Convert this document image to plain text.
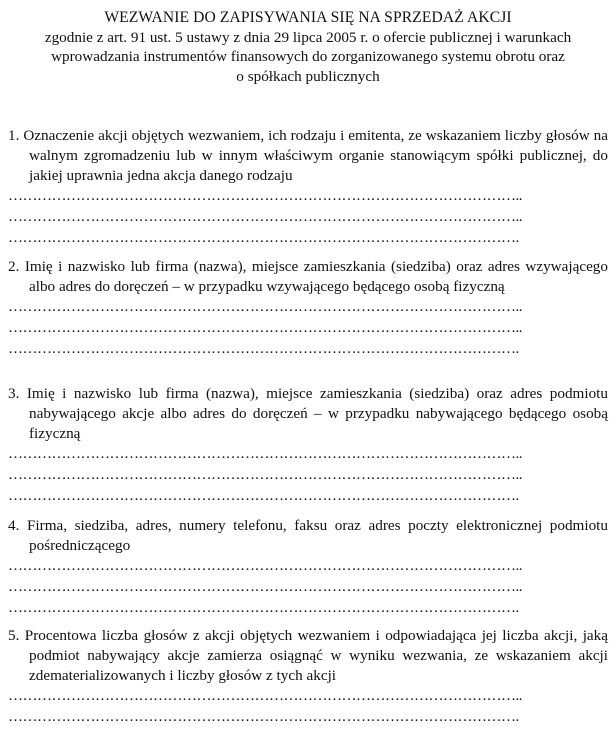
WEZWANIE DO ZAPISYWANIA SIĘ NA SPRZEDAŻ AKCJI
zgodnie z art. 91 ust. 5 ustawy z dnia 29 lipca 2005 r. o ofercie publicznej i warunkach
wprowadzania instrumentów finansowych do zorganizowanego systemu obrotu oraz
o spółkach publicznych

1. Oznaczenie akcji objętych wezwaniem, ich rodzaju i emitenta, ze wskazaniem liczby głosów na walnym zgromadzeniu lub w innym właściwym organie stanowiącym spółki publicznej, do jakiej uprawnia jedna akcja danego rodzaju

……………………………………………………………………………………………..
……………………………………………………………………………………………..
…………………………………………………………………………………………….

2. Imię i nazwisko lub firma (nazwa), miejsce zamieszkania (siedziba) oraz adres wzywającego albo adres do doręczeń – w przypadku wzywającego będącego osobą fizyczną

……………………………………………………………………………………………..
……………………………………………………………………………………………..
…………………………………………………………………………………………….

3. Imię i nazwisko lub firma (nazwa), miejsce zamieszkania (siedziba) oraz adres podmiotu nabywającego akcje albo adres do doręczeń – w przypadku nabywającego będącego osobą fizyczną

……………………………………………………………………………………………..
……………………………………………………………………………………………..
…………………………………………………………………………………………….

4. Firma, siedziba, adres, numery telefonu, faksu oraz adres poczty elektronicznej podmiotu pośredniczącego

……………………………………………………………………………………………..
……………………………………………………………………………………………..
…………………………………………………………………………………………….

5. Procentowa liczba głosów z akcji objętych wezwaniem i odpowiadająca jej liczba akcji, jaką podmiot nabywający akcje zamierza osiągnąć w wyniku wezwania, ze wskazaniem akcji zdematerializowanych i liczby głosów z tych akcji

……………………………………………………………………………………………..
…………………………………………………………………………………………….
